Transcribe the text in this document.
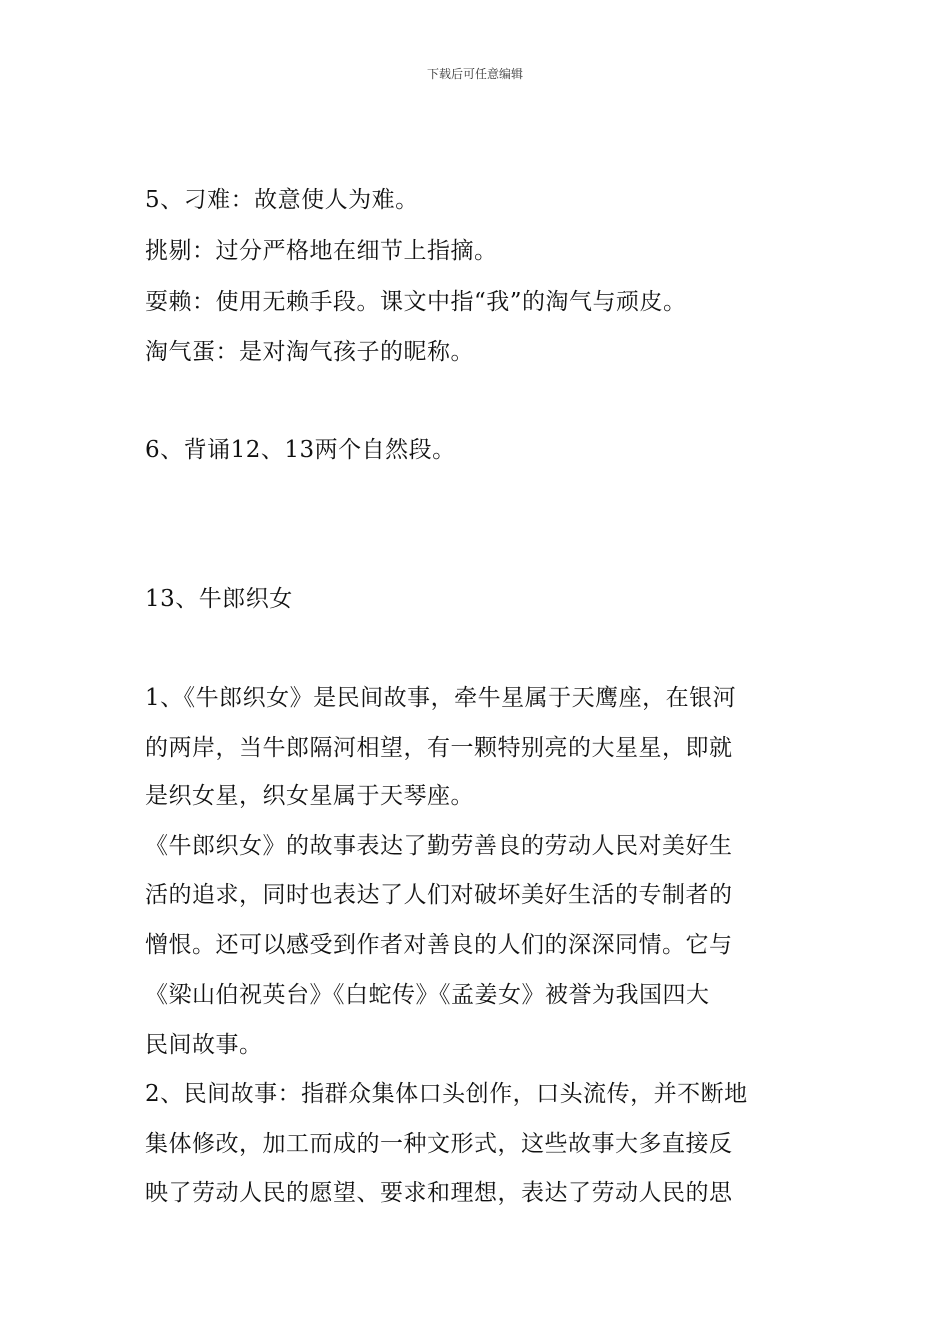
下载后可任意编辑
5、刁难：故意使人为难。
挑剔：过分严格地在细节上指摘。
耍赖：使用无赖手段。课文中指“我”的淘气与顽皮。
淘气蛋：是对淘气孩子的昵称。
6、背诵12、13两个自然段。
13、牛郎织女
1、《牛郎织女》是民间故事，牵牛星属于天鹰座，在银河
的两岸，当牛郎隔河相望，有一颗特别亮的大星星，即就
是织女星，织女星属于天琴座。
《牛郎织女》的故事表达了勤劳善良的劳动人民对美好生
活的追求，同时也表达了人们对破坏美好生活的专制者的
憎恨。还可以感受到作者对善良的人们的深深同情。它与
《梁山伯祝英台》《白蛇传》《孟姜女》被誉为我国四大
民间故事。
2、民间故事：指群众集体口头创作，口头流传，并不断地
集体修改，加工而成的一种文形式，这些故事大多直接反
映了劳动人民的愿望、要求和理想，表达了劳动人民的思
